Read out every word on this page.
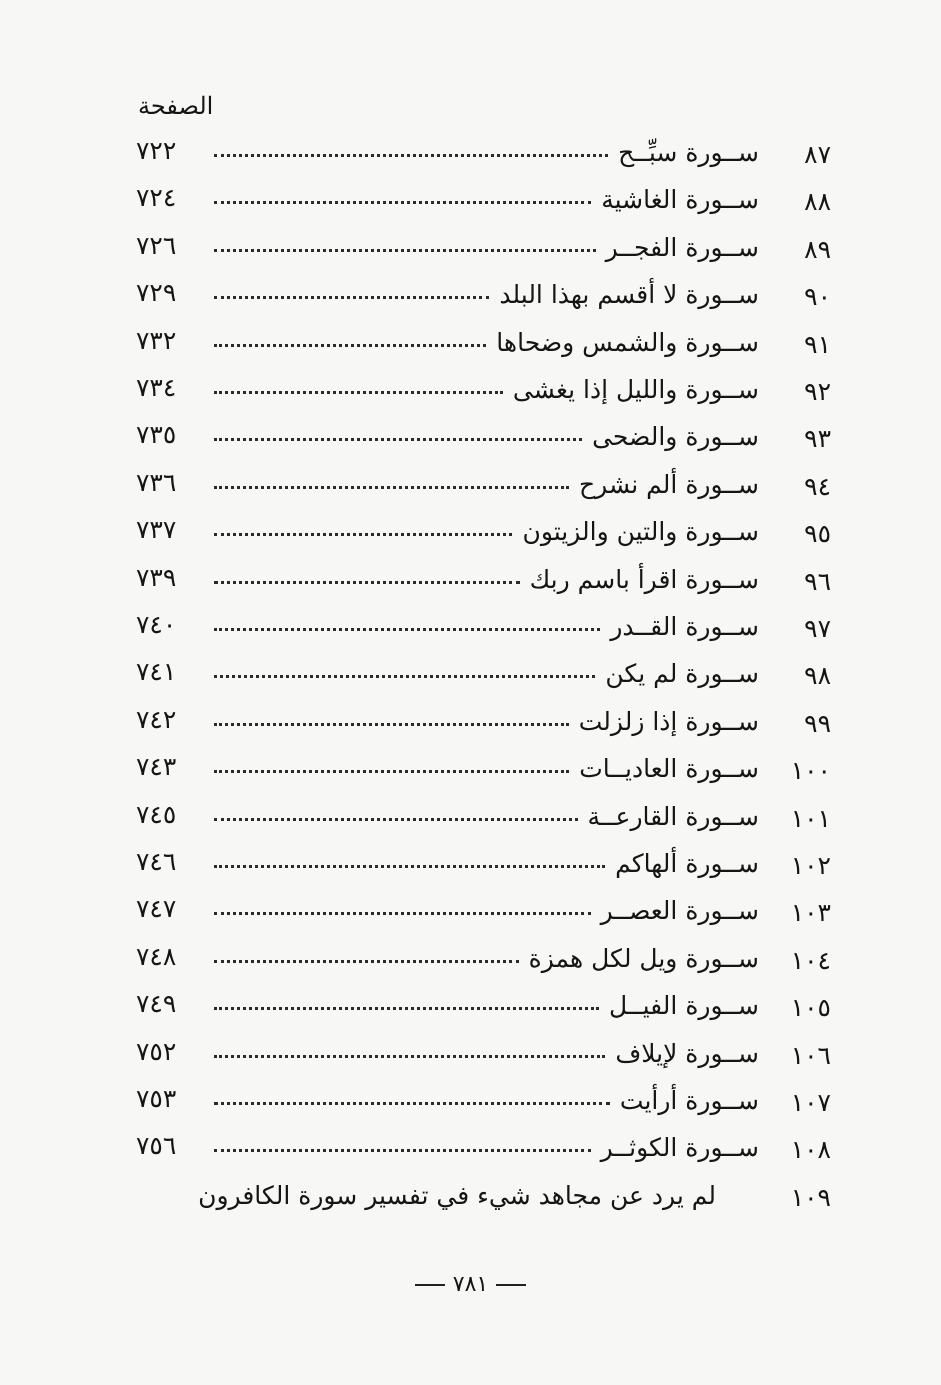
الصفحة
٨٧
ســورة سبِّــح
٧٢٢
٨٨
ســورة الغاشية
٧٢٤
٨٩
ســورة الفجــر
٧٢٦
٩٠
ســورة لا أقسم بهذا البلد
٧٢٩
٩١
ســورة والشمس وضحاها
٧٣٢
٩٢
ســورة والليل إذا يغشى
٧٣٤
٩٣
ســورة والضحى
٧٣٥
٩٤
ســورة ألم نشرح
٧٣٦
٩٥
ســورة والتين والزيتون
٧٣٧
٩٦
ســورة اقرأ باسم ربك
٧٣٩
٩٧
ســورة القــدر
٧٤٠
٩٨
ســورة لم يكن
٧٤١
٩٩
ســورة إذا زلزلت
٧٤٢
١٠٠
ســورة العاديــات
٧٤٣
١٠١
ســورة القارعــة
٧٤٥
١٠٢
ســورة ألهاكم
٧٤٦
١٠٣
ســورة العصــر
٧٤٧
١٠٤
ســورة ويل لكل همزة
٧٤٨
١٠٥
ســورة الفيــل
٧٤٩
١٠٦
ســورة لإيلاف
٧٥٢
١٠٧
ســورة أرأيت
٧٥٣
١٠٨
ســورة الكوثــر
٧٥٦
١٠٩
لم يرد عن مجاهد شيء في تفسير سورة الكافرون
٧٨١
